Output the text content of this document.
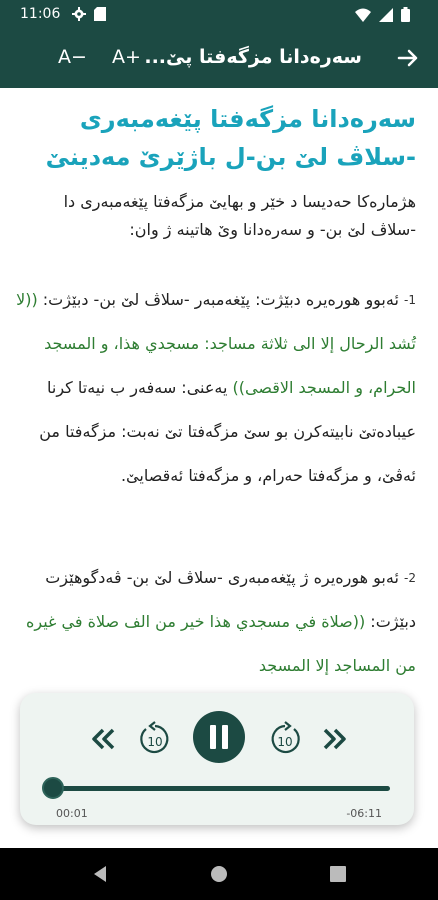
11:06
A− A+ سەرەدانا مزگەفتا پێ...
سەرەدانا مزگەفتا پێغەمبەری -سلاڤ لێ بن-ل باژێرێ مەدینێ
هژمارەکا حەدیسا د خێر و بهایێ مزگەفتا پێغەمبەری دا -سلاڤ لێ بن- و سەرەدانا وێ هاتینە ژ وان:
$^{1-}$ ئەبوو هورەیرە دبێژت: پێغەمبەر -سلاڤ لێ بن- دبێژت: ((لا تُشد الرحال إلا الى ثلاثة مساجد: مسجدي هذا، و المسجد الحرام، و المسجد الاقصى)) یەعنی: سەفەر ب نیەتا کرنا عیبادەتێ نابیتەکرن بو سێ مزگەفتا تێ نەبت: مزگەفتا من ئەڤێ، و مزگەفتا حەرام، و مزگەفتا ئەقصایێ.
$^{2-}$ ئەبو هورەیرە ژ پێغەمبەری -سلاڤ لێ بن- ڤەدگوهێزت دبێژت: ((صلاة في مسجدي هذا خير من الف صلاة في غيره من المساجد إلا المسجد
10	10
00:01	-06:11
